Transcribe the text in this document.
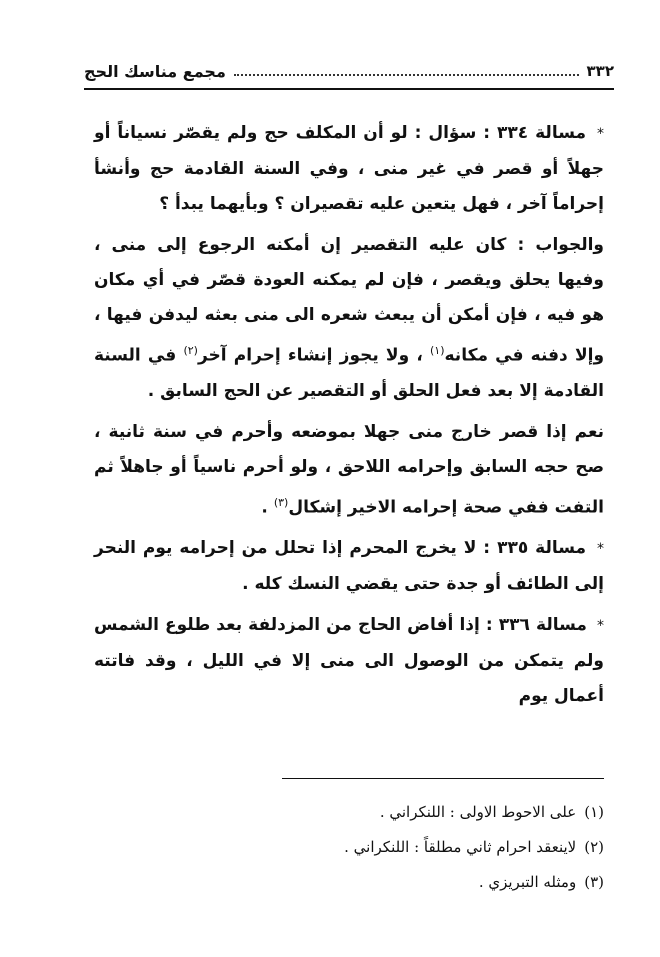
٣٣٢
مجمع مناسك الحج

* مسالة ٣٣٤ : سؤال : لو أن المكلف حج ولم يقصّر نسياناً أو جهلاً أو قصر في غير منى ، وفي السنة القادمة حج وأنشأ إحراماً آخر ، فهل يتعين عليه تقصيران ؟ وبأيهما يبدأ ؟

والجواب : كان عليه التقصير إن أمكنه الرجوع إلى منى ، وفيها يحلق ويقصر ، فإن لم يمكنه العودة قصّر في أي مكان هو فيه ، فإن أمكن أن يبعث شعره الى منى بعثه ليدفن فيها ، وإلا دفنه في مكانه$^{(١)}$ ، ولا يجوز إنشاء إحرام آخر$^{(٢)}$ في السنة القادمة إلا بعد فعل الحلق أو التقصير عن الحج السابق .

نعم إذا قصر خارج منى جهلا بموضعه وأحرم في سنة ثانية ، صح حجه السابق وإحرامه اللاحق ، ولو أحرم ناسياً أو جاهلاً ثم التفت ففي صحة إحرامه الاخير إشكال$^{(٣)}$ .

* مسالة ٣٣٥ : لا يخرج المحرم إذا تحلل من إحرامه يوم النحر إلى الطائف أو جدة حتى يقضي النسك كله .

* مسالة ٣٣٦ : إذا أفاض الحاج من المزدلفة بعد طلوع الشمس ولم يتمكن من الوصول الى منى إلا في الليل ، وقد فاتته أعمال يوم

(١)على الاحوط الاولى : اللنكراني .

(٢)لاينعقد احرام ثاني مطلقاً : اللنكراني .

(٣)ومثله التبريزي .
